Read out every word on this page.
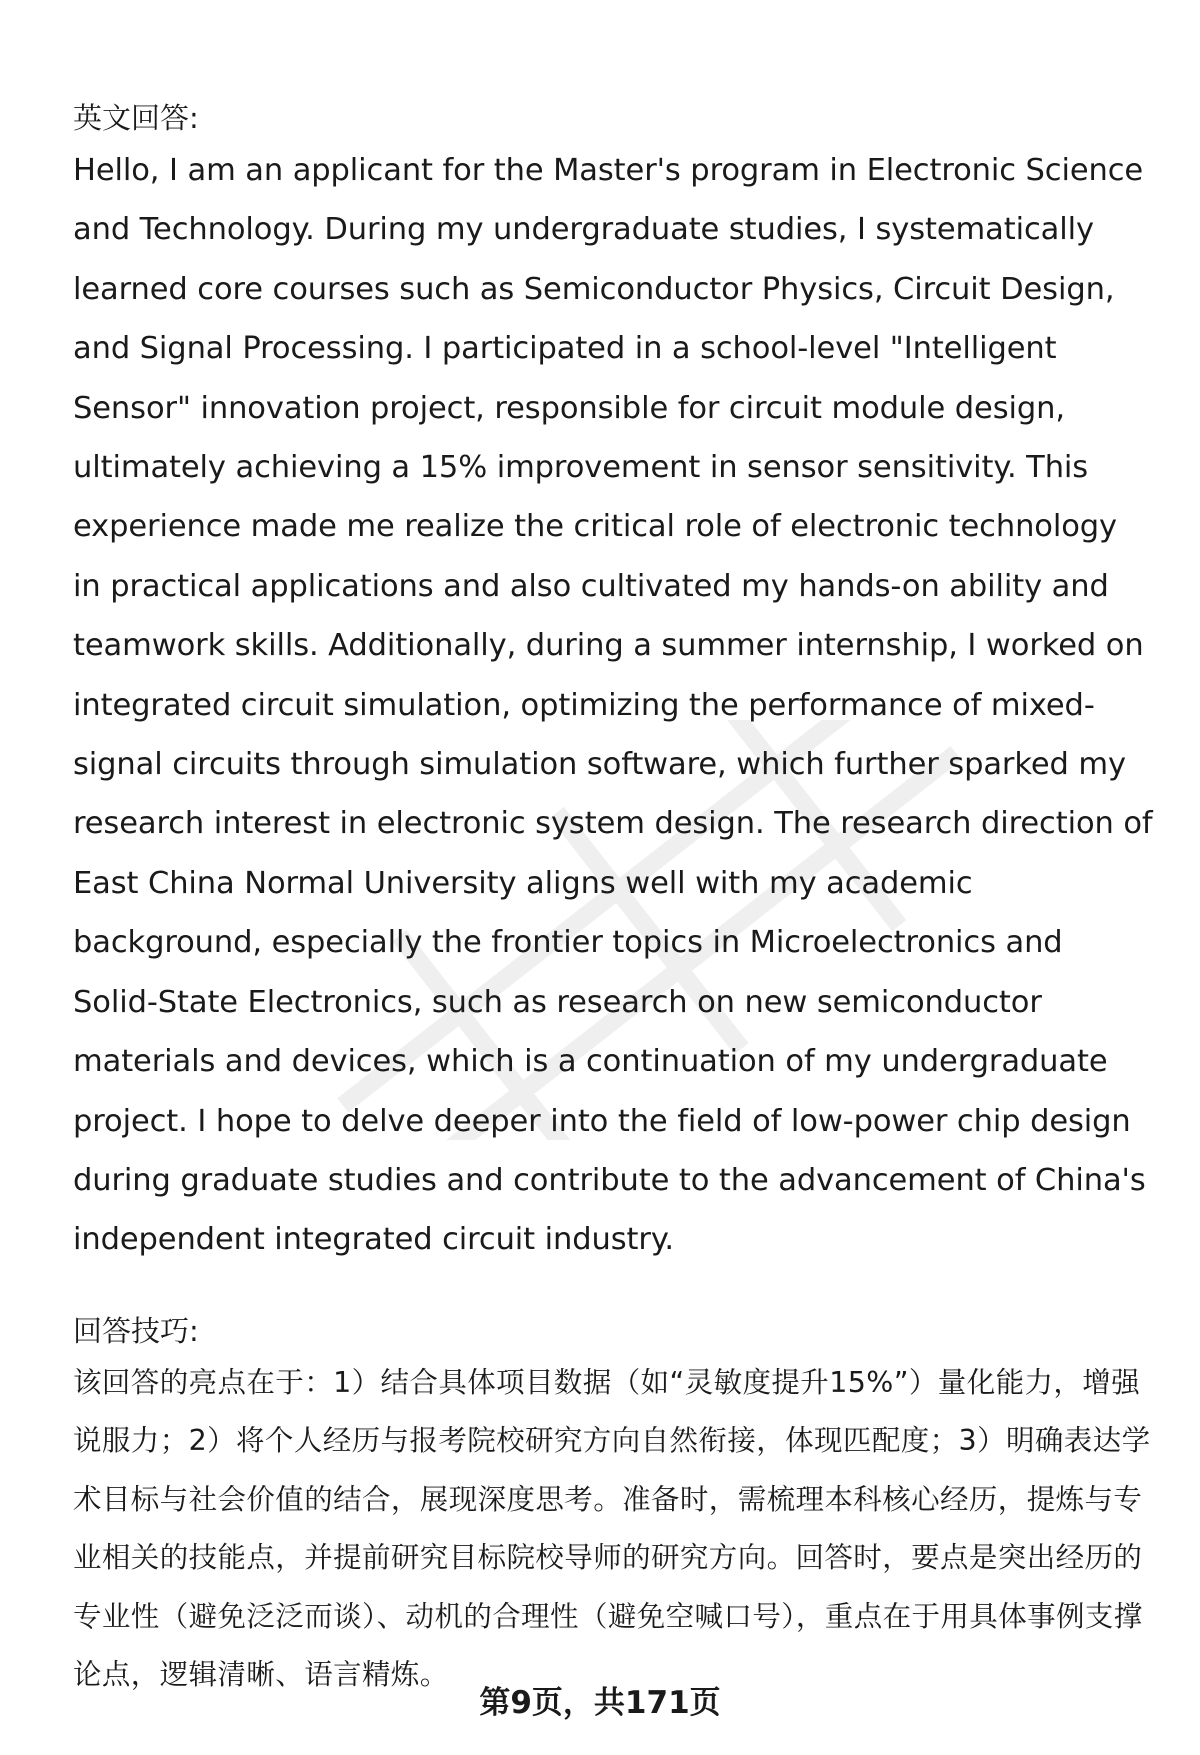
英文回答:

Hello, I am an applicant for the Master's program in Electronic Science and Technology. During my undergraduate studies, I systematically learned core courses such as Semiconductor Physics, Circuit Design, and Signal Processing. I participated in a school-level "Intelligent Sensor" innovation project, responsible for circuit module design, ultimately achieving a 15% improvement in sensor sensitivity. This experience made me realize the critical role of electronic technology in practical applications and also cultivated my hands-on ability and teamwork skills. Additionally, during a summer internship, I worked on integrated circuit simulation, optimizing the performance of mixed-signal circuits through simulation software, which further sparked my research interest in electronic system design. The research direction of East China Normal University aligns well with my academic background, especially the frontier topics in Microelectronics and Solid-State Electronics, such as research on new semiconductor materials and devices, which is a continuation of my undergraduate project. I hope to delve deeper into the field of low-power chip design during graduate studies and contribute to the advancement of China's independent integrated circuit industry.

回答技巧:

该回答的亮点在于：1）结合具体项目数据（如“灵敏度提升15%”）量化能力，增强说服力；2）将个人经历与报考院校研究方向自然衔接，体现匹配度；3）明确表达学术目标与社会价值的结合，展现深度思考。准备时，需梳理本科核心经历，提炼与专业相关的技能点，并提前研究目标院校导师的研究方向。回答时，要点是突出经历的专业性（避免泛泛而谈）、动机的合理性（避免空喊口号），重点在于用具体事例支撑论点，逻辑清晰、语言精炼。

第9页，共171页
